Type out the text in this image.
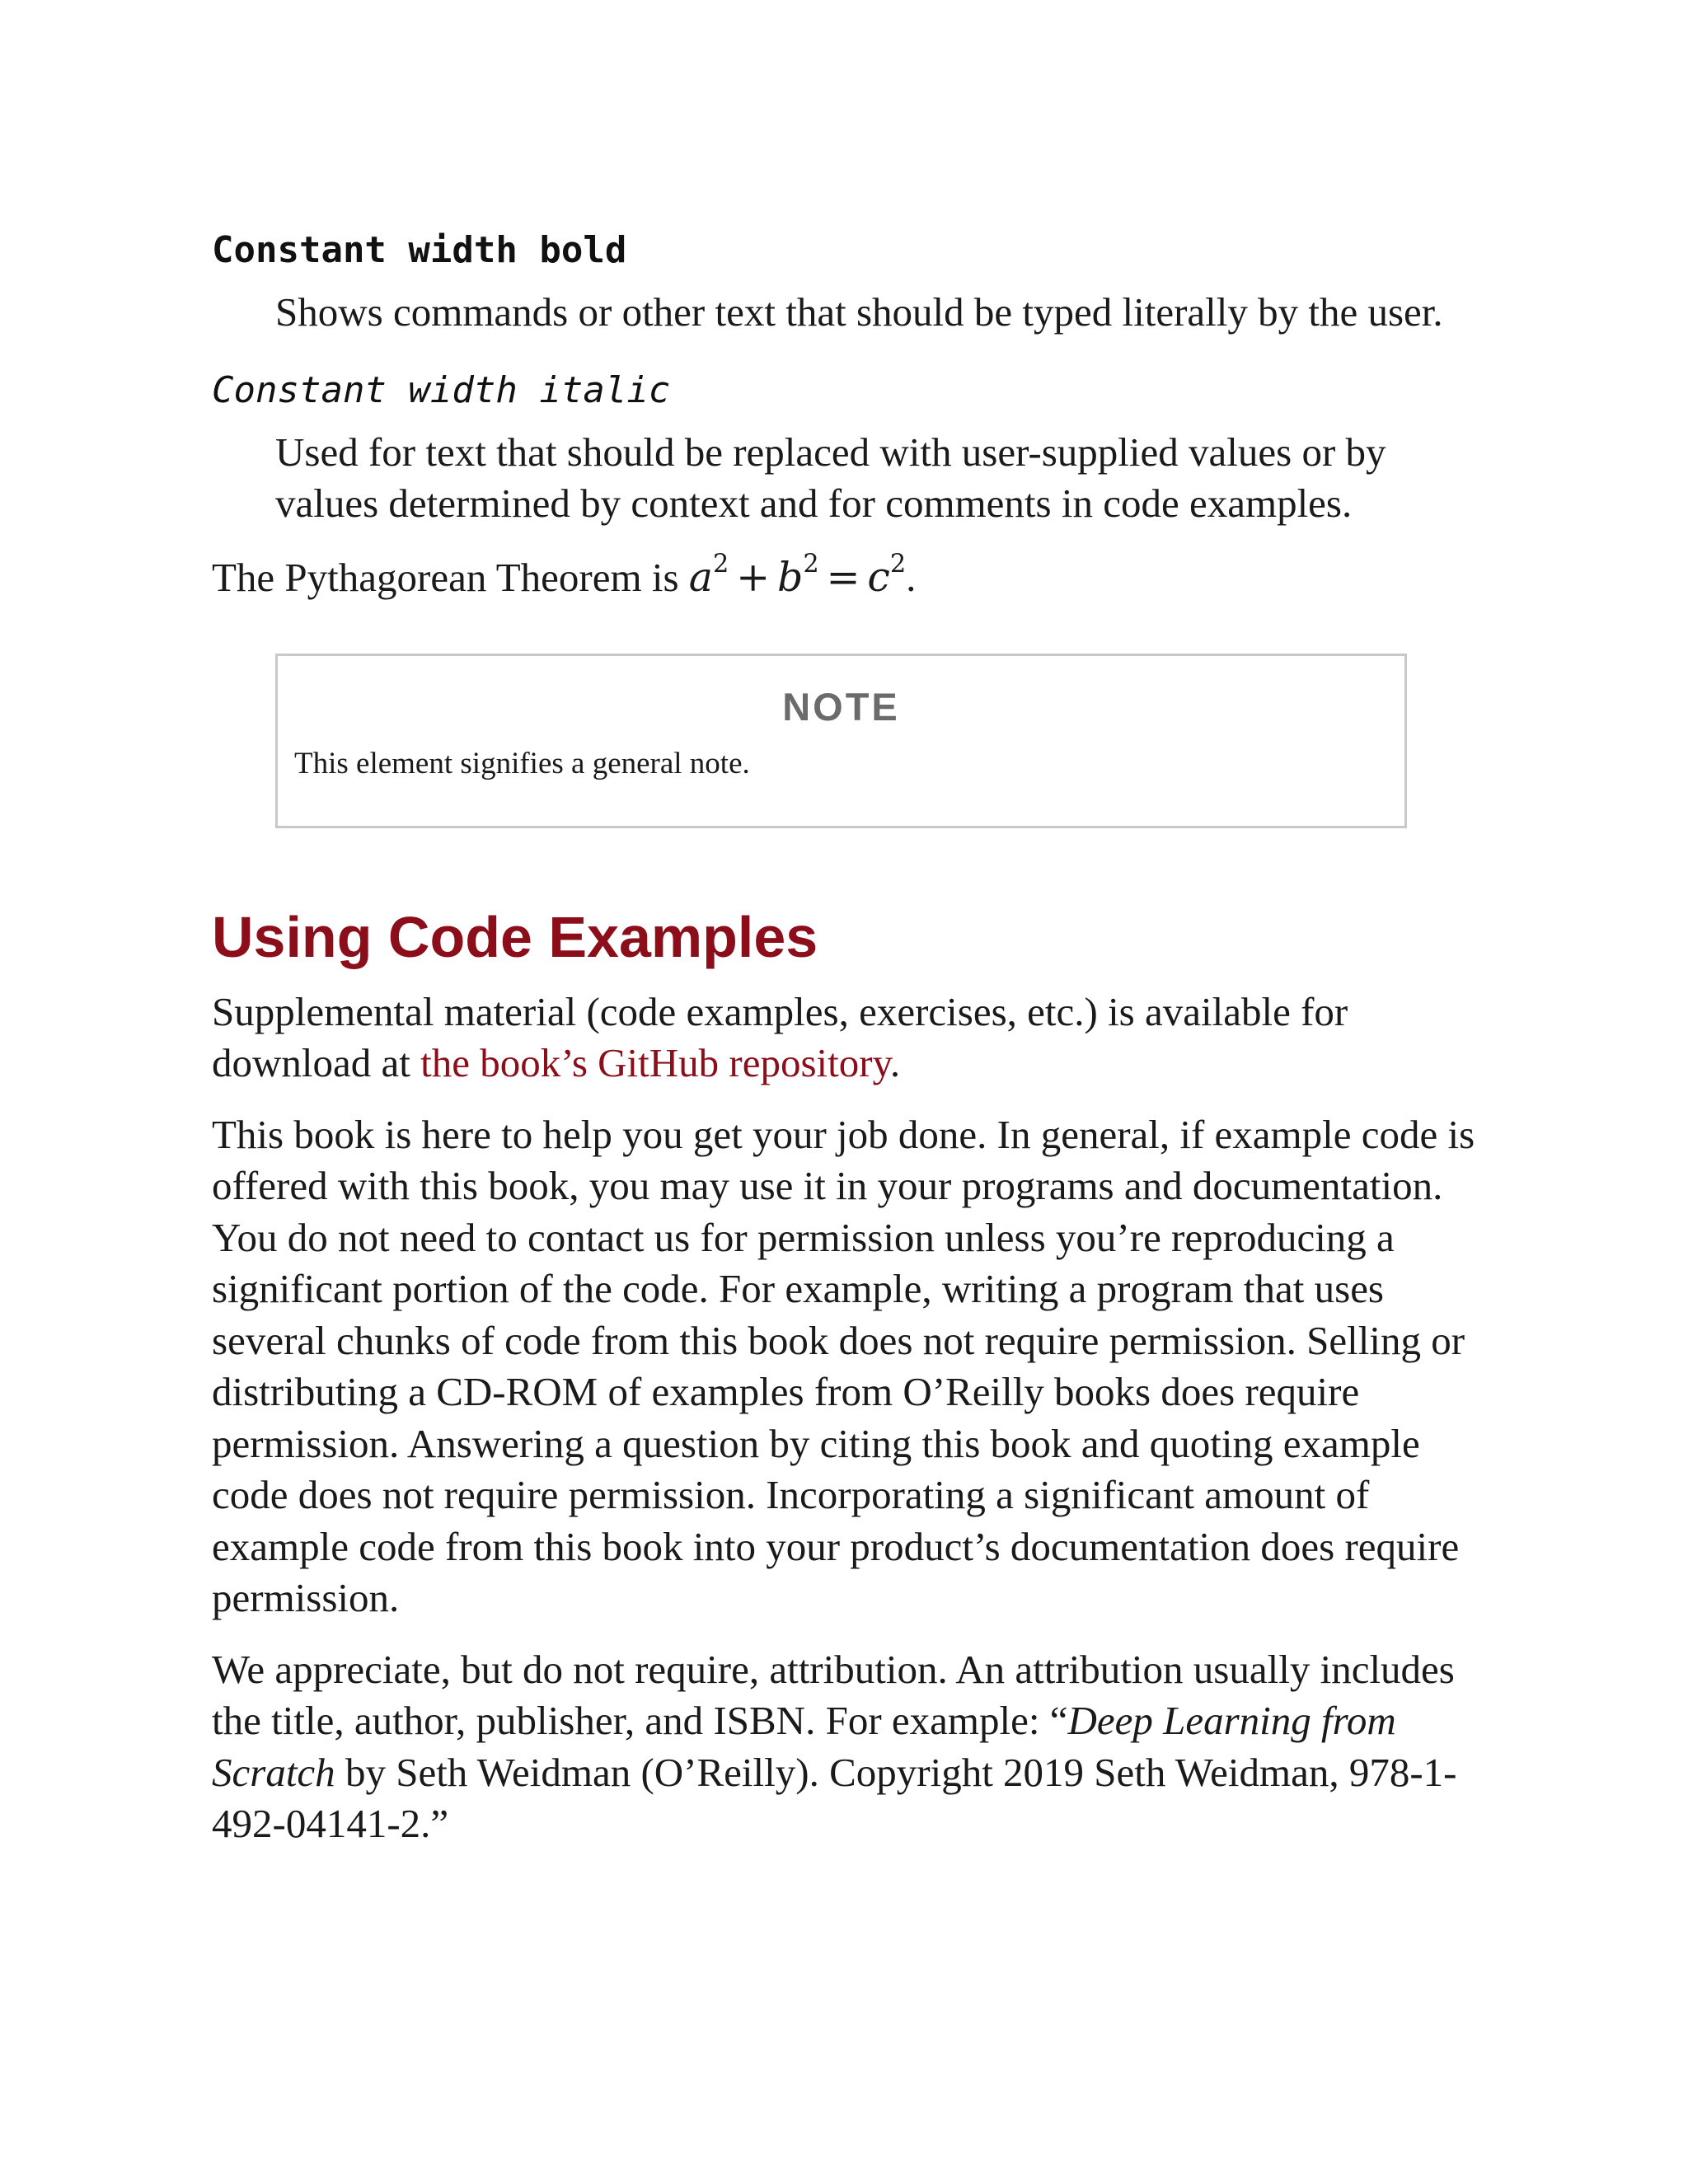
Constant width bold

Shows commands or other text that should be typed literally by the user.

Constant width italic

Used for text that should be replaced with user-supplied values or by values determined by context and for comments in code examples.

The Pythagorean Theorem is $a^2 + b^2 = c^2$.

NOTE
This element signifies a general note.
Using Code Examples

Supplemental material (code examples, exercises, etc.) is available for download at the book’s GitHub repository.

This book is here to help you get your job done. In general, if example code is offered with this book, you may use it in your programs and documentation. You do not need to contact us for permission unless you’re reproducing a significant portion of the code. For example, writing a program that uses several chunks of code from this book does not require permission. Selling or distributing a CD-ROM of examples from O’Reilly books does require permission. Answering a question by citing this book and quoting example code does not require permission. Incorporating a significant amount of example code from this book into your product’s documentation does require permission.

We appreciate, but do not require, attribution. An attribution usually includes the title, author, publisher, and ISBN. For example: “Deep Learning from Scratch by Seth Weidman (O’Reilly). Copyright 2019 Seth Weidman, 978-1-492-04141-2.”
